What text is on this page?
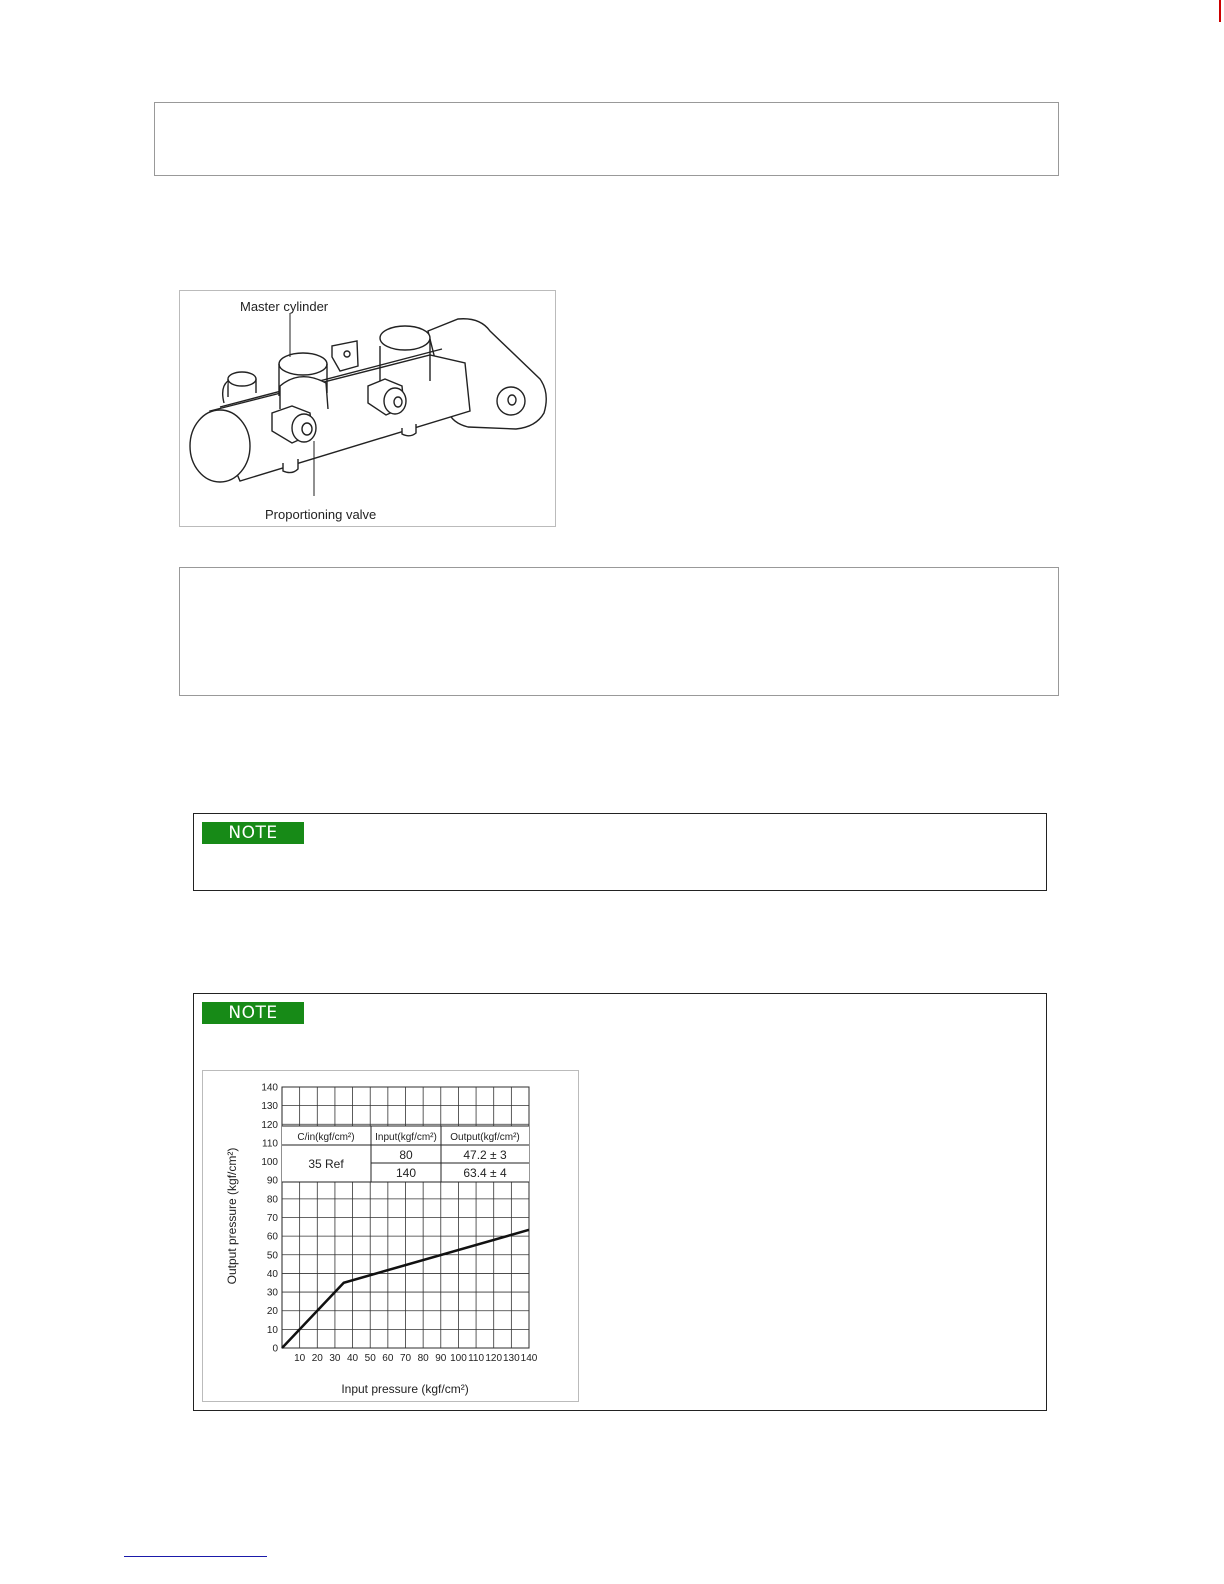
Master cylinder
Proportioning valve
NOTE
NOTE
0
10
20
30
40
50
60
70
80
90
100
110
120
130
140
10 20 30 40 50 60 70 80 90 100 110 120 130 140
C/in(kgf/cm²) Input(kgf/cm²) Output(kgf/cm²)
35 Ref
80	47.2 ± 3
140	63.4 ± 4
Input pressure (kgf/cm²)
Output pressure (kgf/cm²)
